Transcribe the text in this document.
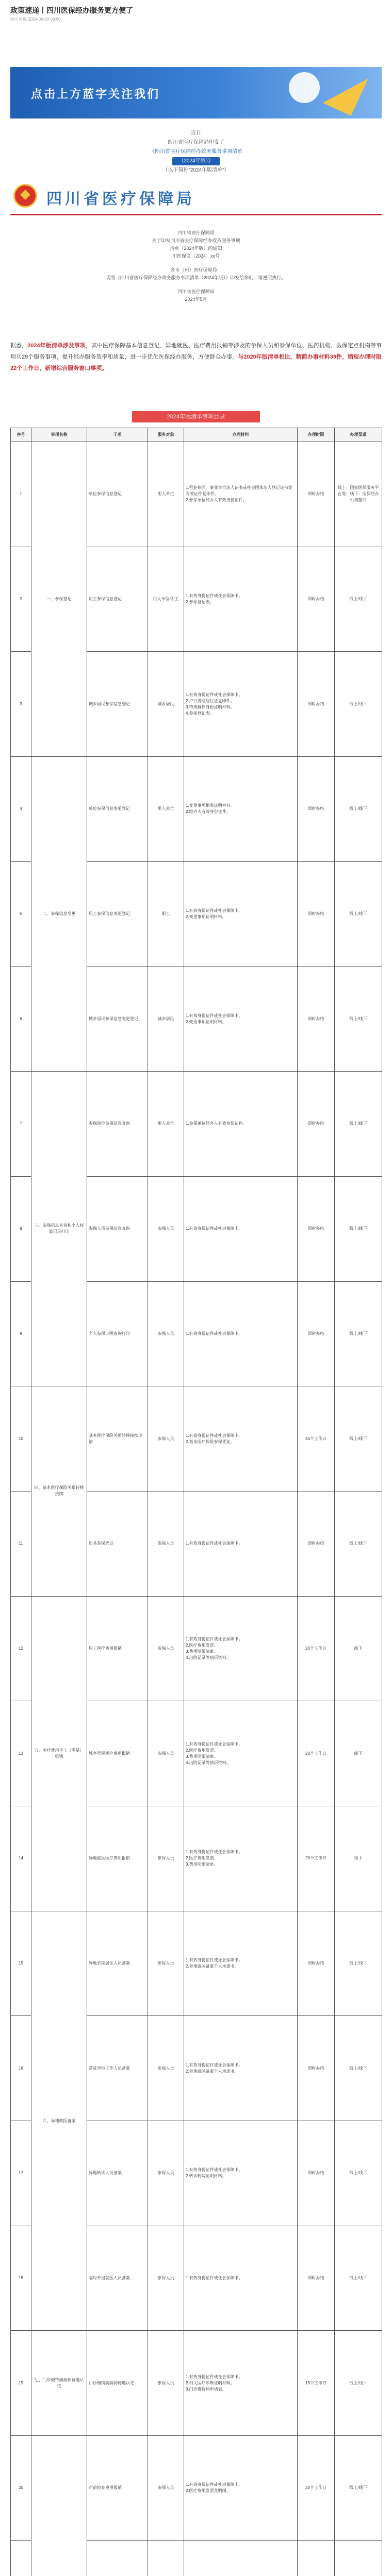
政策速递丨四川医保经办服务更方便了
四川医保 2024-06-03 09:00
点击上方蓝字关注我们
近日
四川省医疗保障局印发了
《四川省医疗保障经办政务服务事项清单
（2024年版）》
（以下简称“2024年版清单”）
四川省医疗保障局

四川省医疗保障局

关于印发四川省医疗保障经办政务服务事项

清单（2024年版）的通知

川医保发〔2024〕xx号

各市（州）医疗保障局：

现将《四川省医疗保障经办政务服务事项清单（2024年版）》印发给你们，请遵照执行。

四川省医疗保障局

2024年5月

据悉，2024年版清单涉及事项，其中医疗保障基本信息登记、异地就医、医疗费用报销等涉及的参保人员和参保单位、医药机构、医保定点机构等事项共29个服务事项，提升经办服务效率和质量，进一步优化医保经办服务，方便群众办事。与2020年版清单相比，精简办事材料39件，缩短办理时限22个工作日，新增综合服务窗口事项。
2024年版清单事项目录
序号	事项名称	子项	服务对象	办理材料	办理时限	办理渠道
1	一、参保登记	单位参保信息登记	用人单位	1.营业执照、事业单位法人证书或社会团体法人登记证书等有效证件复印件。
2.参保单位经办人有效身份证件。	即时办结	线上：国家医保服务平台等；线下：医保经办机构窗口
2		职工参保信息登记	用人单位/职工	1.有效身份证件或社会保障卡。
2.参保登记表。	即时办结	线上/线下
3		城乡居民参保信息登记	城乡居民	1.有效身份证件或社会保障卡。
2.户口簿或居住证复印件。
3.特殊群体身份证明材料。
4.参保登记表。	即时办结	线上/线下
4	二、参保信息变更	单位参保信息变更登记	用人单位	1.变更事项相关证明材料。
2.经办人有效身份证件。	即时办结	线上/线下
5		职工参保信息变更登记	职工	1.有效身份证件或社会保障卡。
2.变更事项证明材料。	即时办结	线上/线下
6		城乡居民参保信息变更登记	城乡居民	1.有效身份证件或社会保障卡。
2.变更事项证明材料。	即时办结	线上/线下
7	三、参保信息查询和个人权益记录打印	参保单位参保信息查询	用人单位	1.参保单位经办人有效身份证件。	即时办结	线上/线下
8		参保人员参保信息查询	参保人员	1.有效身份证件或社会保障卡。	即时办结	线上/线下
9		个人参保证明查询打印	参保人员	1.有效身份证件或社会保障卡。	即时办结	线上/线下
10	四、基本医疗保险关系转移接续	基本医疗保险关系转移接续申请	参保人员	1.有效身份证件或社会保障卡。
2.基本医疗保险参保凭证。	45个工作日	线上/线下
11		出具参保凭证	参保人员	1.有效身份证件或社会保障卡。	即时办结	线上/线下
12	五、医疗费用手工（零星）报销	职工医疗费用报销	参保人员	1.有效身份证件或社会保障卡。
2.医疗费用发票。
3.费用明细清单。
4.出院记录等病历资料。	20个工作日	线下
13		城乡居民医疗费用报销	参保人员	1.有效身份证件或社会保障卡。
2.医疗费用发票。
3.费用明细清单。
4.出院记录等病历资料。	20个工作日	线下
14		异地就医医疗费用报销	参保人员	1.有效身份证件或社会保障卡。
2.医疗费用发票。
3.费用明细清单。	20个工作日	线下
15	六、异地就医备案	异地长期居住人员备案	参保人员	1.有效身份证件或社会保障卡。
2.异地就医备案个人承诺书。	即时办结	线上/线下
16		常驻异地工作人员备案	参保人员	1.有效身份证件或社会保障卡。
2.异地就医备案个人承诺书。	即时办结	线上/线下
17		异地转诊人员备案	参保人员	1.有效身份证件或社会保障卡。
2.转诊转院证明材料。	即时办结	线上/线下
18		临时外出就医人员备案	参保人员	1.有效身份证件或社会保障卡。	即时办结	线上/线下
19	七、门诊慢特病病种待遇认定	门诊慢特病病种待遇认定	参保人员	1.有效身份证件或社会保障卡。
2.相关医疗诊断证明材料。
3.门诊慢特病申请表。	15个工作日	线上/线下
20		产前检查费用报销	参保人员	1.有效身份证件或社会保障卡。
2.医疗费用发票及明细。	20个工作日	线上/线下
